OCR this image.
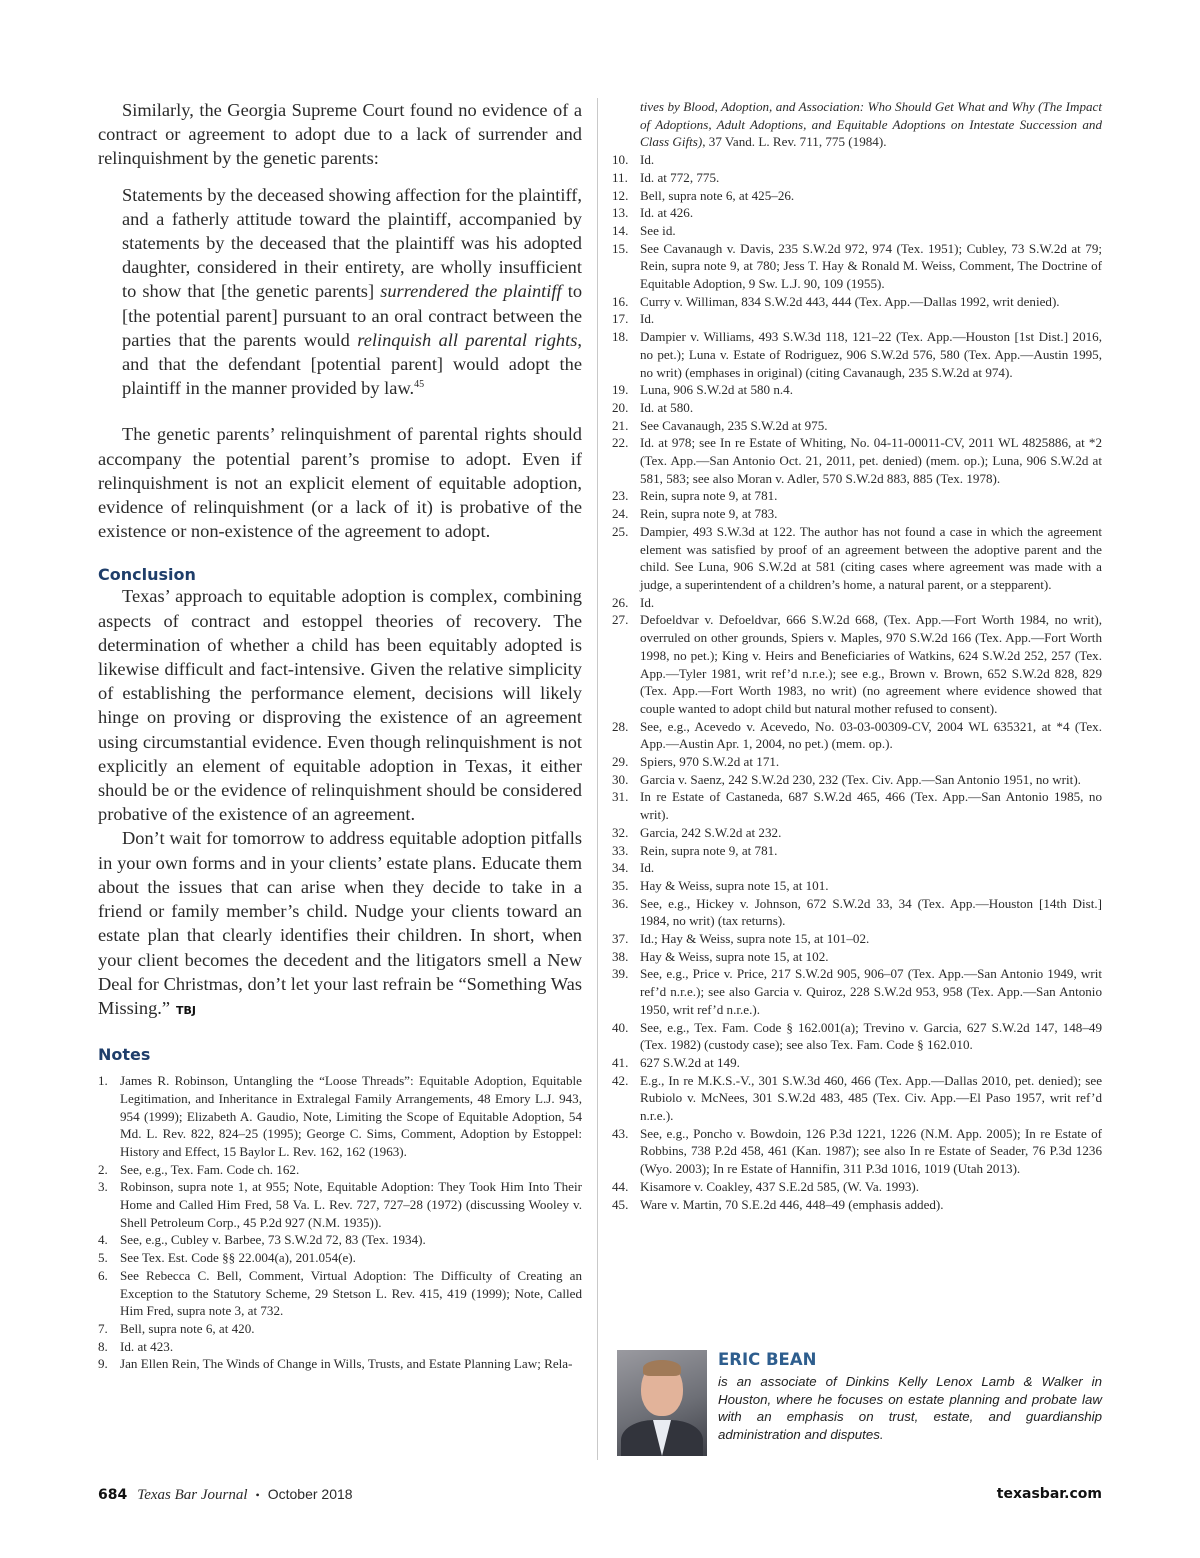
Similarly, the Georgia Supreme Court found no evidence of a contract or agreement to adopt due to a lack of surrender and relinquishment by the genetic parents:

Statements by the deceased showing affection for the plaintiff, and a fatherly attitude toward the plaintiff, accompanied by statements by the deceased that the plaintiff was his adopted daughter, considered in their entirety, are wholly insufficient to show that [the genetic parents] surrendered the plaintiff to [the potential parent] pursuant to an oral contract between the parties that the parents would relinquish all parental rights, and that the defendant [potential parent] would adopt the plaintiff in the manner provided by law.$^{45}$

The genetic parents’ relinquishment of parental rights should accompany the potential parent’s promise to adopt. Even if relinquishment is not an explicit element of equitable adoption, evidence of relinquishment (or a lack of it) is probative of the existence or non-existence of the agreement to adopt.

Conclusion

Texas’ approach to equitable adoption is complex, combining aspects of contract and estoppel theories of recovery. The determination of whether a child has been equitably adopted is likewise difficult and fact-intensive. Given the relative simplicity of establishing the performance element, decisions will likely hinge on proving or disproving the existence of an agreement using circumstantial evidence. Even though relinquishment is not explicitly an element of equitable adoption in Texas, it either should be or the evidence of relinquishment should be considered probative of the existence of an agreement.

Don’t wait for tomorrow to address equitable adoption pitfalls in your own forms and in your clients’ estate plans. Educate them about the issues that can arise when they decide to take in a friend or family member’s child. Nudge your clients toward an estate plan that clearly identifies their children. In short, when your client becomes the decedent and the litigators smell a New Deal for Christmas, don’t let your last refrain be “Something Was Missing.” TBJ

Notes
1. James R. Robinson, Untangling the “Loose Threads”: Equitable Adoption, Equitable Legitimation, and Inheritance in Extralegal Family Arrangements, 48 Emory L.J. 943, 954 (1999); Elizabeth A. Gaudio, Note, Limiting the Scope of Equitable Adoption, 54 Md. L. Rev. 822, 824–25 (1995); George C. Sims, Comment, Adoption by Estoppel: History and Effect, 15 Baylor L. Rev. 162, 162 (1963).
2. See, e.g., Tex. Fam. Code ch. 162.
3. Robinson, supra note 1, at 955; Note, Equitable Adoption: They Took Him Into Their Home and Called Him Fred, 58 Va. L. Rev. 727, 727–28 (1972) (discussing Wooley v. Shell Petroleum Corp., 45 P.2d 927 (N.M. 1935)).
4. See, e.g., Cubley v. Barbee, 73 S.W.2d 72, 83 (Tex. 1934).
5. See Tex. Est. Code §§ 22.004(a), 201.054(e).
6. See Rebecca C. Bell, Comment, Virtual Adoption: The Difficulty of Creating an Exception to the Statutory Scheme, 29 Stetson L. Rev. 415, 419 (1999); Note, Called Him Fred, supra note 3, at 732.
7. Bell, supra note 6, at 420.
8. Id. at 423.
9. Jan Ellen Rein, The Winds of Change in Wills, Trusts, and Estate Planning Law; Rela-

tives by Blood, Adoption, and Association: Who Should Get What and Why (The Impact of Adoptions, Adult Adoptions, and Equitable Adoptions on Intestate Succession and Class Gifts), 37 Vand. L. Rev. 711, 775 (1984).

10. Id.
11. Id. at 772, 775.
12. Bell, supra note 6, at 425–26.
13. Id. at 426.
14. See id.
15. See Cavanaugh v. Davis, 235 S.W.2d 972, 974 (Tex. 1951); Cubley, 73 S.W.2d at 79; Rein, supra note 9, at 780; Jess T. Hay & Ronald M. Weiss, Comment, The Doctrine of Equitable Adoption, 9 Sw. L.J. 90, 109 (1955).
16. Curry v. Williman, 834 S.W.2d 443, 444 (Tex. App.—Dallas 1992, writ denied).
17. Id.
18. Dampier v. Williams, 493 S.W.3d 118, 121–22 (Tex. App.—Houston [1st Dist.] 2016, no pet.); Luna v. Estate of Rodriguez, 906 S.W.2d 576, 580 (Tex. App.—Austin 1995, no writ) (emphases in original) (citing Cavanaugh, 235 S.W.2d at 974).
19. Luna, 906 S.W.2d at 580 n.4.
20. Id. at 580.
21. See Cavanaugh, 235 S.W.2d at 975.
22. Id. at 978; see In re Estate of Whiting, No. 04-11-00011-CV, 2011 WL 4825886, at *2 (Tex. App.—San Antonio Oct. 21, 2011, pet. denied) (mem. op.); Luna, 906 S.W.2d at 581, 583; see also Moran v. Adler, 570 S.W.2d 883, 885 (Tex. 1978).
23. Rein, supra note 9, at 781.
24. Rein, supra note 9, at 783.
25. Dampier, 493 S.W.3d at 122. The author has not found a case in which the agreement element was satisfied by proof of an agreement between the adoptive parent and the child. See Luna, 906 S.W.2d at 581 (citing cases where agreement was made with a judge, a superintendent of a children’s home, a natural parent, or a stepparent).
26. Id.
27. Defoeldvar v. Defoeldvar, 666 S.W.2d 668, (Tex. App.—Fort Worth 1984, no writ), overruled on other grounds, Spiers v. Maples, 970 S.W.2d 166 (Tex. App.—Fort Worth 1998, no pet.); King v. Heirs and Beneficiaries of Watkins, 624 S.W.2d 252, 257 (Tex. App.—Tyler 1981, writ ref’d n.r.e.); see e.g., Brown v. Brown, 652 S.W.2d 828, 829 (Tex. App.—Fort Worth 1983, no writ) (no agreement where evidence showed that couple wanted to adopt child but natural mother refused to consent).
28. See, e.g., Acevedo v. Acevedo, No. 03-03-00309-CV, 2004 WL 635321, at *4 (Tex. App.—Austin Apr. 1, 2004, no pet.) (mem. op.).
29. Spiers, 970 S.W.2d at 171.
30. Garcia v. Saenz, 242 S.W.2d 230, 232 (Tex. Civ. App.—San Antonio 1951, no writ).
31. In re Estate of Castaneda, 687 S.W.2d 465, 466 (Tex. App.—San Antonio 1985, no writ).
32. Garcia, 242 S.W.2d at 232.
33. Rein, supra note 9, at 781.
34. Id.
35. Hay & Weiss, supra note 15, at 101.
36. See, e.g., Hickey v. Johnson, 672 S.W.2d 33, 34 (Tex. App.—Houston [14th Dist.] 1984, no writ) (tax returns).
37. Id.; Hay & Weiss, supra note 15, at 101–02.
38. Hay & Weiss, supra note 15, at 102.
39. See, e.g., Price v. Price, 217 S.W.2d 905, 906–07 (Tex. App.—San Antonio 1949, writ ref’d n.r.e.); see also Garcia v. Quiroz, 228 S.W.2d 953, 958 (Tex. App.—San Antonio 1950, writ ref’d n.r.e.).
40. See, e.g., Tex. Fam. Code § 162.001(a); Trevino v. Garcia, 627 S.W.2d 147, 148–49 (Tex. 1982) (custody case); see also Tex. Fam. Code § 162.010.
41. 627 S.W.2d at 149.
42. E.g., In re M.K.S.-V., 301 S.W.3d 460, 466 (Tex. App.—Dallas 2010, pet. denied); see Rubiolo v. McNees, 301 S.W.2d 483, 485 (Tex. Civ. App.—El Paso 1957, writ ref’d n.r.e.).
43. See, e.g., Poncho v. Bowdoin, 126 P.3d 1221, 1226 (N.M. App. 2005); In re Estate of Robbins, 738 P.2d 458, 461 (Kan. 1987); see also In re Estate of Seader, 76 P.3d 1236 (Wyo. 2003); In re Estate of Hannifin, 311 P.3d 1016, 1019 (Utah 2013).
44. Kisamore v. Coakley, 437 S.E.2d 585, (W. Va. 1993).
45. Ware v. Martin, 70 S.E.2d 446, 448–49 (emphasis added).
ERIC BEAN
is an associate of Dinkins Kelly Lenox Lamb & Walker in Houston, where he focuses on estate planning and probate law with an emphasis on trust, estate, and guardianship administration and disputes.
684 Texas Bar Journal • October 2018	texasbar.com
